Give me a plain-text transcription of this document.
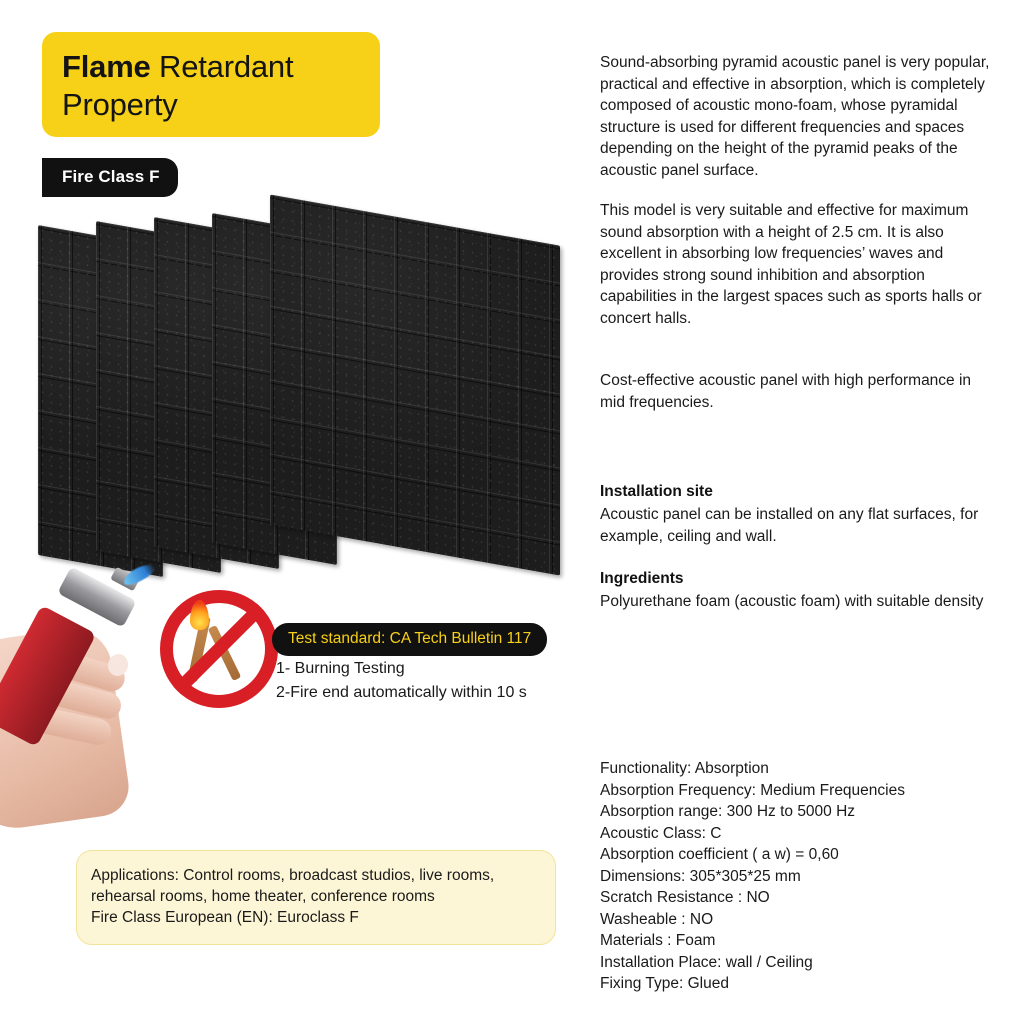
Flame Retardant Property
Fire Class F
Test standard: CA Tech Bulletin 117
1- Burning Testing
2-Fire end automatically within 10 s

Applications: Control rooms, broadcast studios, live rooms,

rehearsal rooms, home theater, conference rooms

Fire Class European (EN): Euroclass F

Sound-absorbing pyramid acoustic panel is very popular, practical and effective in absorption, which is completely composed of acoustic mono-foam, whose pyramidal structure is used for different frequencies and spaces depending on the height of the pyramid peaks of the acoustic panel surface.

This model is very suitable and effective for maximum sound absorption with a height of 2.5 cm. It is also excellent in absorbing low frequencies’ waves and provides strong sound inhibition and absorption capabilities in the largest spaces such as sports halls or concert halls.

Cost-effective acoustic panel with high performance in mid frequencies.

Installation site
Acoustic panel can be installed on any flat surfaces, for example, ceiling and wall.
Ingredients
Polyurethane foam (acoustic foam) with suitable density
Functionality: Absorption
Absorption Frequency: Medium Frequencies
Absorption range: 300 Hz to 5000 Hz
Acoustic Class: C
Absorption coefficient ( a w) = 0,60
Dimensions: 305*305*25 mm
Scratch Resistance : NO
Washeable : NO
Materials : Foam
Installation Place: wall / Ceiling
Fixing Type: Glued
